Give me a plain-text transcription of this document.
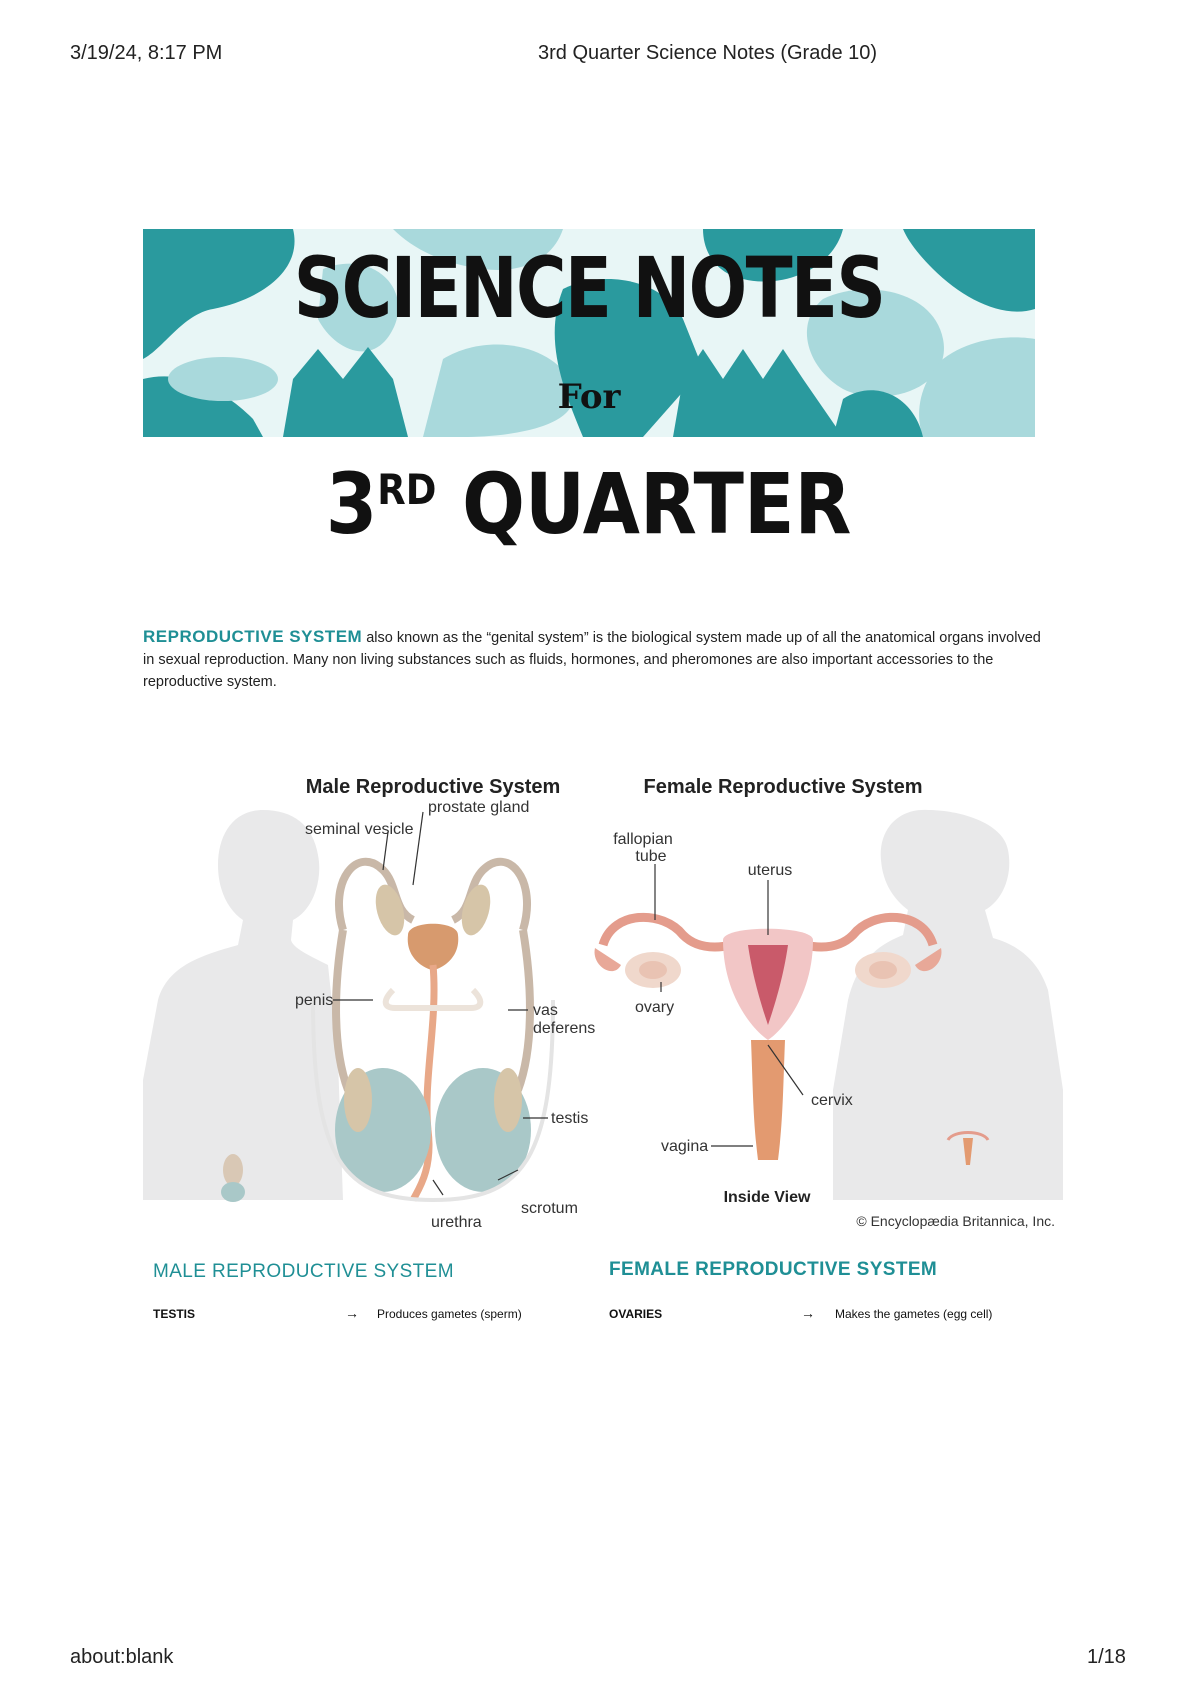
3/19/24, 8:17 PM	3rd Quarter Science Notes (Grade 10)
SCIENCE NOTES
For
3RD QUARTER
REPRODUCTIVE SYSTEM also known as the “genital system” is the biological system made up of all the anatomical organs involved in sexual reproduction. Many non living substances such as fluids, hormones, and pheromones are also important accessories to the reproductive system.
Male Reproductive System	Female Reproductive System
prostate gland
seminal vesicle
penis
vas
deferens
testis
urethra
scrotum
fallopian
tube
uterus
ovary
cervix
vagina
Inside View
© Encyclopædia Britannica, Inc.
MALE REPRODUCTIVE SYSTEM
TESTIS	→ Produces gametes (sperm)
FEMALE REPRODUCTIVE SYSTEM
OVARIES	→ Makes the gametes (egg cell)
about:blank	1/18
